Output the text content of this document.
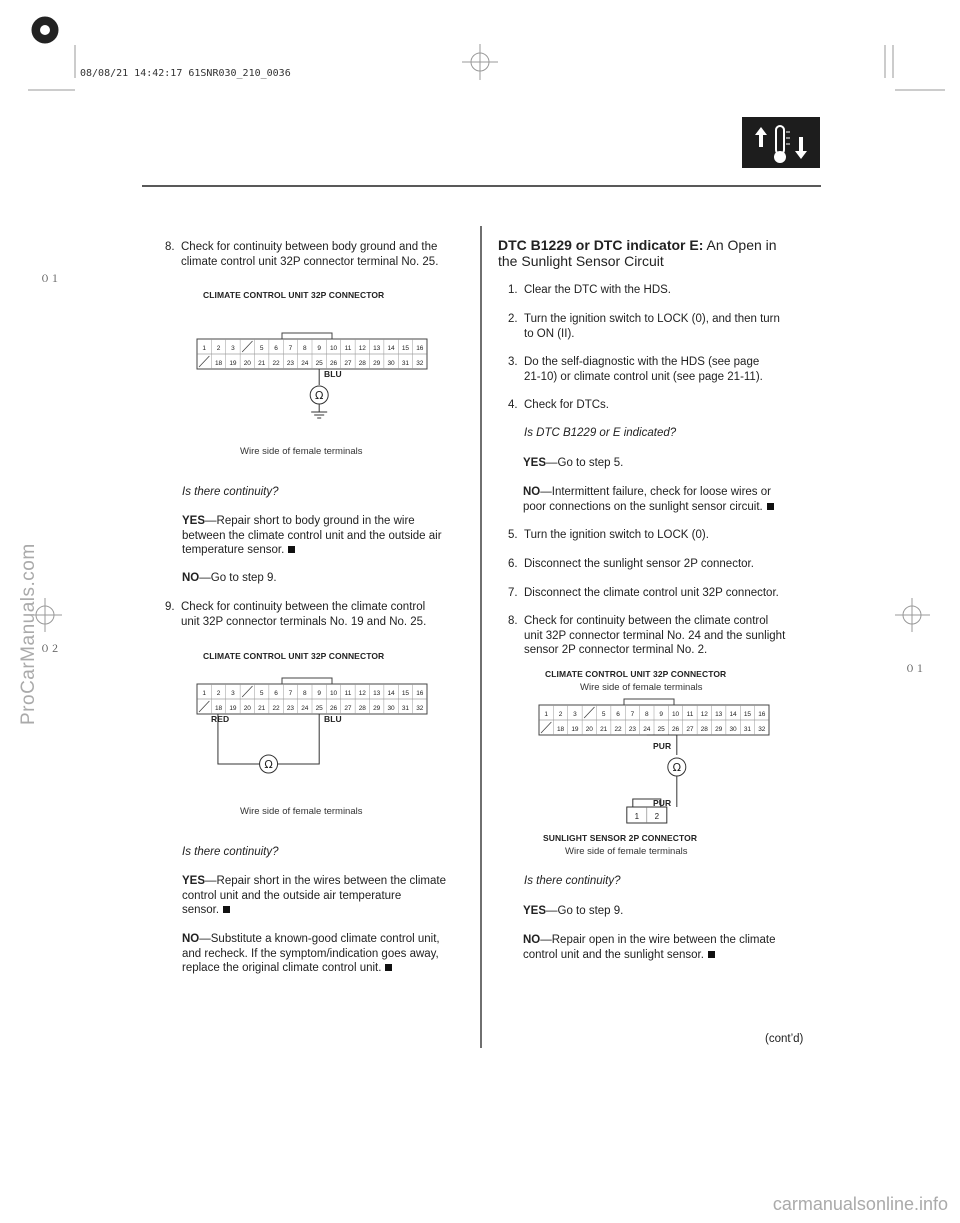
08/08/21 14:42:17 61SNR030_210_0036
０１
０２
０１
8. Check for continuity between body ground and the
climate control unit 32P connector terminal No. 25.
CLIMATE CONTROL UNIT 32P CONNECTOR
1 2
18
3
19 20
5
21
6
22
7
23
8
24
9
25
10
26
11
27
12
28
13
29
14
30
15
31
16
32
Ω
BLU
Wire side of female terminals
Is there continuity?
YES—Repair short to body ground in the wire
between the climate control unit and the outside air
temperature sensor.
NO—Go to step 9.
9. Check for continuity between the climate control
unit 32P connector terminals No. 19 and No. 25.
CLIMATE CONTROL UNIT 32P CONNECTOR
1 2
18
3
19 20
5
21
6
22
7
23
8
24
9
25
10
26
11
27
12
28
13
29
14
30
15
31
16
32
Ω
RED	BLU
Wire side of female terminals
Is there continuity?
YES—Repair short in the wires between the climate
control unit and the outside air temperature
sensor.
NO—Substitute a known-good climate control unit,
and recheck. If the symptom/indication goes away,
replace the original climate control unit.
DTC B1229 or DTC indicator E: An Open in
the Sunlight Sensor Circuit
1. Clear the DTC with the HDS.
2. Turn the ignition switch to LOCK (0), and then turn
to ON (II).
3. Do the self-diagnostic with the HDS (see page
21-10) or climate control unit (see page 21-11).
4. Check for DTCs.
Is DTC B1229 or E indicated?
YES—Go to step 5.
NO—Intermittent failure, check for loose wires or
poor connections on the sunlight sensor circuit.
5. Turn the ignition switch to LOCK (0).
6. Disconnect the sunlight sensor 2P connector.
7. Disconnect the climate control unit 32P connector.
8. Check for continuity between the climate control
unit 32P connector terminal No. 24 and the sunlight
sensor 2P connector terminal No. 2.
CLIMATE CONTROL UNIT 32P CONNECTOR
Wire side of female terminals
1 2
18
3
19 20
5
21
6
22
7
23
8
24
9
25
10
26
11
27
12
28
13
29
14
30
15
31
16
32
Ω
1 2
PUR
PUR
SUNLIGHT SENSOR 2P CONNECTOR
Wire side of female terminals
Is there continuity?
YES—Go to step 9.
NO—Repair open in the wire between the climate
control unit and the sunlight sensor.
(cont’d)
ProCarManuals.com
carmanualsonline.info
